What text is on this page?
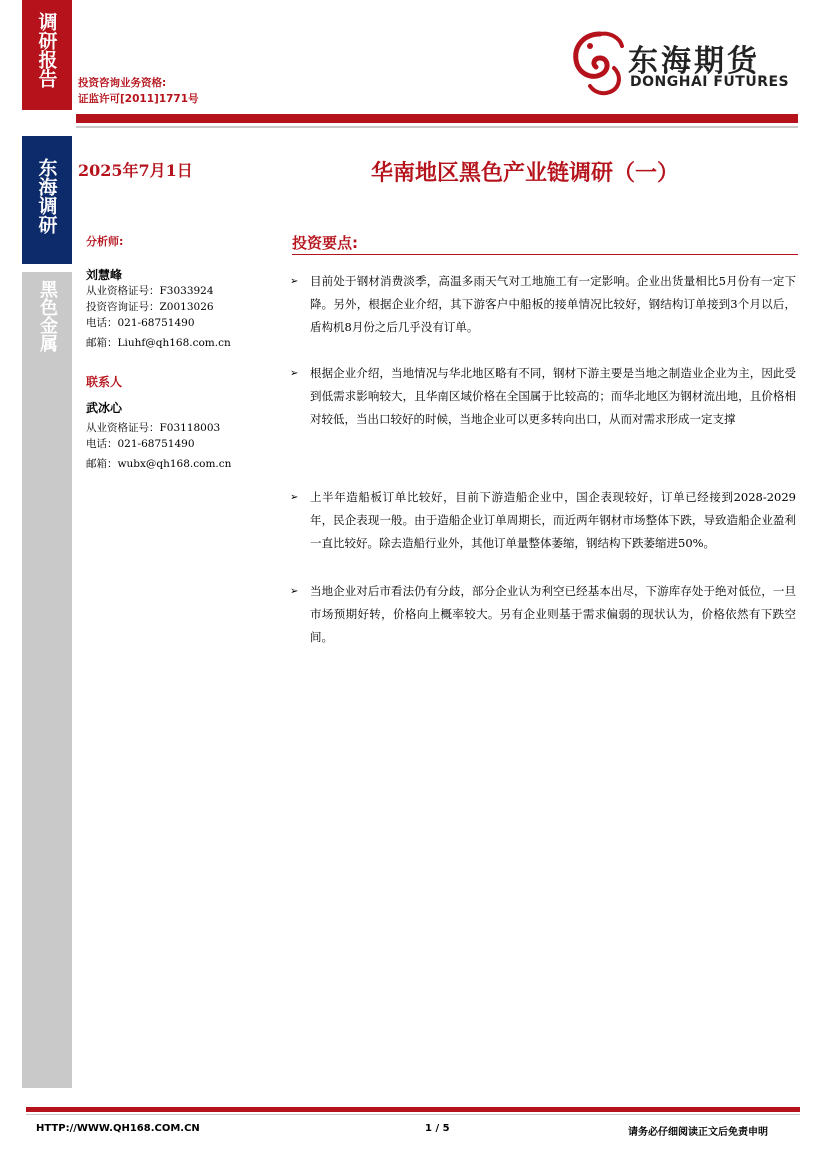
调研报告
东海调研
黑色金属
投资咨询业务资格:
证监许可[2011]1771号
东海期货
DONGHAI FUTURES
2025年7月1日	华南地区黑色产业链调研（一）
分析师:
刘慧峰
从业资格证号：F3033924
投资咨询证号：Z0013026
电话：021-68751490
邮箱：Liuhf@qh168.com.cn
联系人
武冰心
从业资格证号：F03118003
电话：021-68751490
邮箱：wubx@qh168.com.cn
投资要点:
➢ 目前处于钢材消费淡季，高温多雨天气对工地施工有一定影响。企业出货量相比5月份有一定下降。另外，根据企业介绍，其下游客户中船板的接单情况比较好，钢结构订单接到3个月以后，盾构机8月份之后几乎没有订单。
➢ 根据企业介绍，当地情况与华北地区略有不同，钢材下游主要是当地之制造业企业为主，因此受到低需求影响较大，且华南区域价格在全国属于比较高的；而华北地区为钢材流出地，且价格相对较低，当出口较好的时候，当地企业可以更多转向出口，从而对需求形成一定支撑
➢ 上半年造船板订单比较好，目前下游造船企业中，国企表现较好，订单已经接到2028-2029年，民企表现一般。由于造船企业订单周期长，而近两年钢材市场整体下跌，导致造船企业盈利一直比较好。除去造船行业外，其他订单量整体萎缩，钢结构下跌萎缩进50%。
➢ 当地企业对后市看法仍有分歧，部分企业认为利空已经基本出尽，下游库存处于绝对低位，一旦市场预期好转，价格向上概率较大。另有企业则基于需求偏弱的现状认为，价格依然有下跌空间。
HTTP://WWW.QH168.COM.CN	1 / 5	请务必仔细阅读正文后免责申明
